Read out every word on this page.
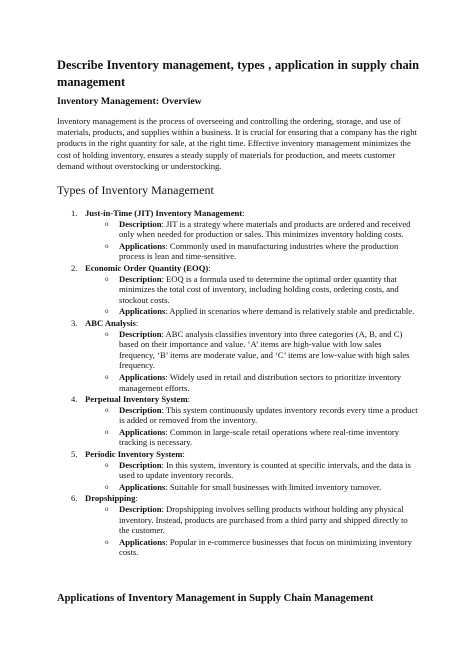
Describe Inventory management, types , application in supply chain management
Inventory Management: Overview

Inventory management is the process of overseeing and controlling the ordering, storage, and use of materials, products, and supplies within a business. It is crucial for ensuring that a company has the right products in the right quantity for sale, at the right time. Effective inventory management minimizes the cost of holding inventory, ensures a steady supply of materials for production, and meets customer demand without overstocking or understocking.

Types of Inventory Management
1. Just-in-Time (JIT) Inventory Management:
o Description: JIT is a strategy where materials and products are ordered and received only when needed for production or sales. This minimizes inventory holding costs.
o Applications: Commonly used in manufacturing industries where the production process is lean and time-sensitive.
2. Economic Order Quantity (EOQ):
o Description: EOQ is a formula used to determine the optimal order quantity that minimizes the total cost of inventory, including holding costs, ordering costs, and stockout costs.
o Applications: Applied in scenarios where demand is relatively stable and predictable.
3. ABC Analysis:
o Description: ABC analysis classifies inventory into three categories (A, B, and C) based on their importance and value. ‘A’ items are high-value with low sales frequency, ‘B’ items are moderate value, and ‘C’ items are low-value with high sales frequency.
o Applications: Widely used in retail and distribution sectors to prioritize inventory management efforts.
4. Perpetual Inventory System:
o Description: This system continuously updates inventory records every time a product is added or removed from the inventory.
o Applications: Common in large-scale retail operations where real-time inventory tracking is necessary.
5. Periodic Inventory System:
o Description: In this system, inventory is counted at specific intervals, and the data is used to update inventory records.
o Applications: Suitable for small businesses with limited inventory turnover.
6. Dropshipping:
o Description: Dropshipping involves selling products without holding any physical inventory. Instead, products are purchased from a third party and shipped directly to the customer.
o Applications: Popular in e-commerce businesses that focus on minimizing inventory costs.
Applications of Inventory Management in Supply Chain Management
